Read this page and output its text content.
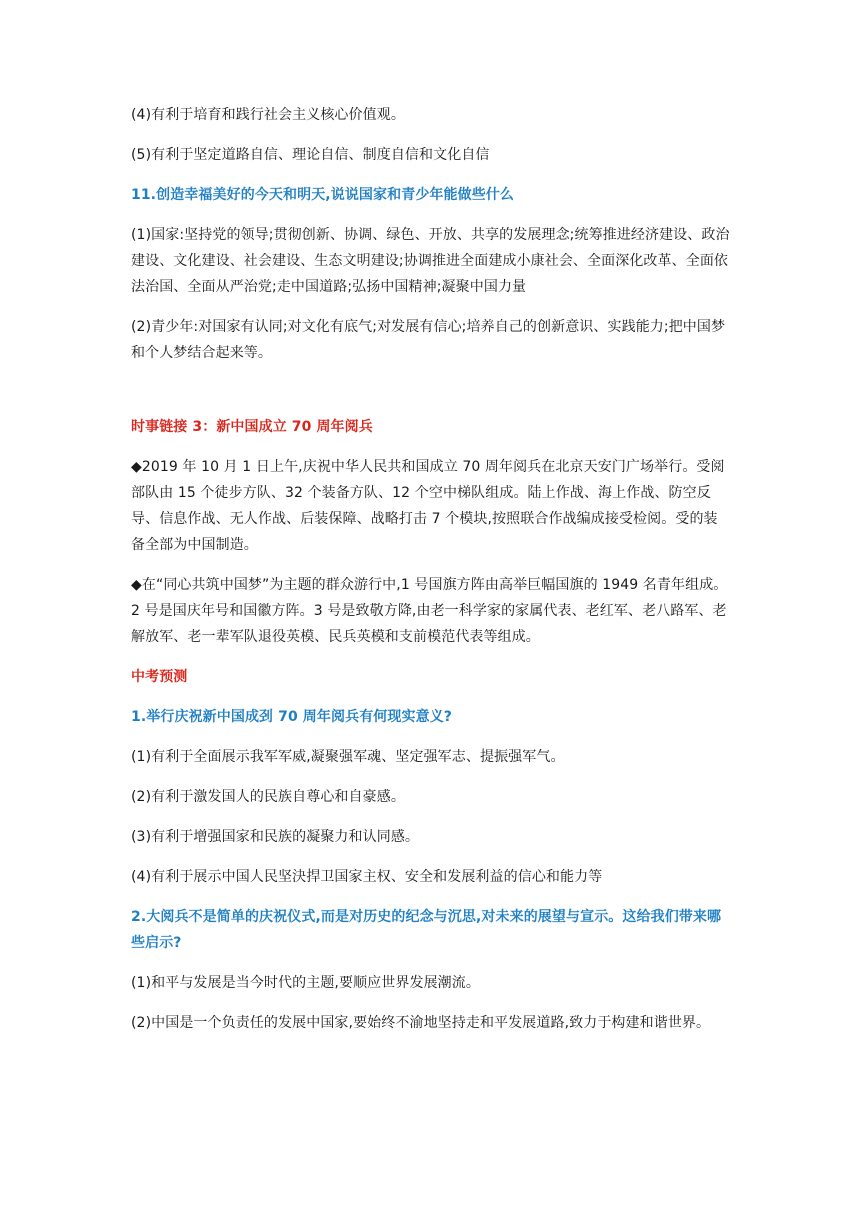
(4)有利于培育和践行社会主义核心价值观。

(5)有利于坚定道路自信、理论自信、制度自信和文化自信

11.创造幸福美好的今天和明天,说说国家和青少年能做些什么

(1)国家:坚持党的领导;贯彻创新、协调、绿色、开放、共享的发展理念;统筹推进经济建设、政治建设、文化建设、社会建设、生态文明建设;协调推进全面建成小康社会、全面深化改革、全面依法治国、全面从严治党;走中国道路;弘扬中国精神;凝聚中国力量

(2)青少年:对国家有认同;对文化有底气;对发展有信心;培养自己的创新意识、实践能力;把中国梦和个人梦结合起来等。

时事链接 3：新中国成立 70 周年阅兵

◆2019 年 10 月 1 日上午,庆祝中华人民共和国成立 70 周年阅兵在北京天安门广场举行。受阅部队由 15 个徒步方队、32 个装备方队、12 个空中梯队组成。陆上作战、海上作战、防空反导、信息作战、无人作战、后装保障、战略打击 7 个模块,按照联合作战编成接受检阅。受的装备全部为中国制造。

◆在“同心共筑中国梦”为主题的群众游行中,1 号国旗方阵由高举巨幅国旗的 1949 名青年组成。2 号是国庆年号和国徽方阵。3 号是致敬方降,由老一科学家的家属代表、老红军、老八路军、老解放军、老一辈军队退役英模、民兵英模和支前模范代表等组成。

中考预测

1.举行庆祝新中国成刭 70 周年阅兵有何现实意义?

(1)有利于全面展示我军军威,凝聚强军魂、坚定强军志、提振强军气。

(2)有利于激发国人的民族自尊心和自豪感。

(3)有利于增强国家和民族的凝聚力和认同感。

(4)有利于展示中国人民坚決捍卫国家主权、安全和发展利益的信心和能力等

2.大阅兵不是简单的庆祝仪式,而是对历史的纪念与沉思,对未来的展望与宣示。这给我们带来哪些启示?

(1)和平与发展是当今时代的主题,要顺应世界发展潮流。

(2)中国是一个负责任的发展中国家,要始终不渝地坚持走和平发展道路,致力于构建和谐世界。
